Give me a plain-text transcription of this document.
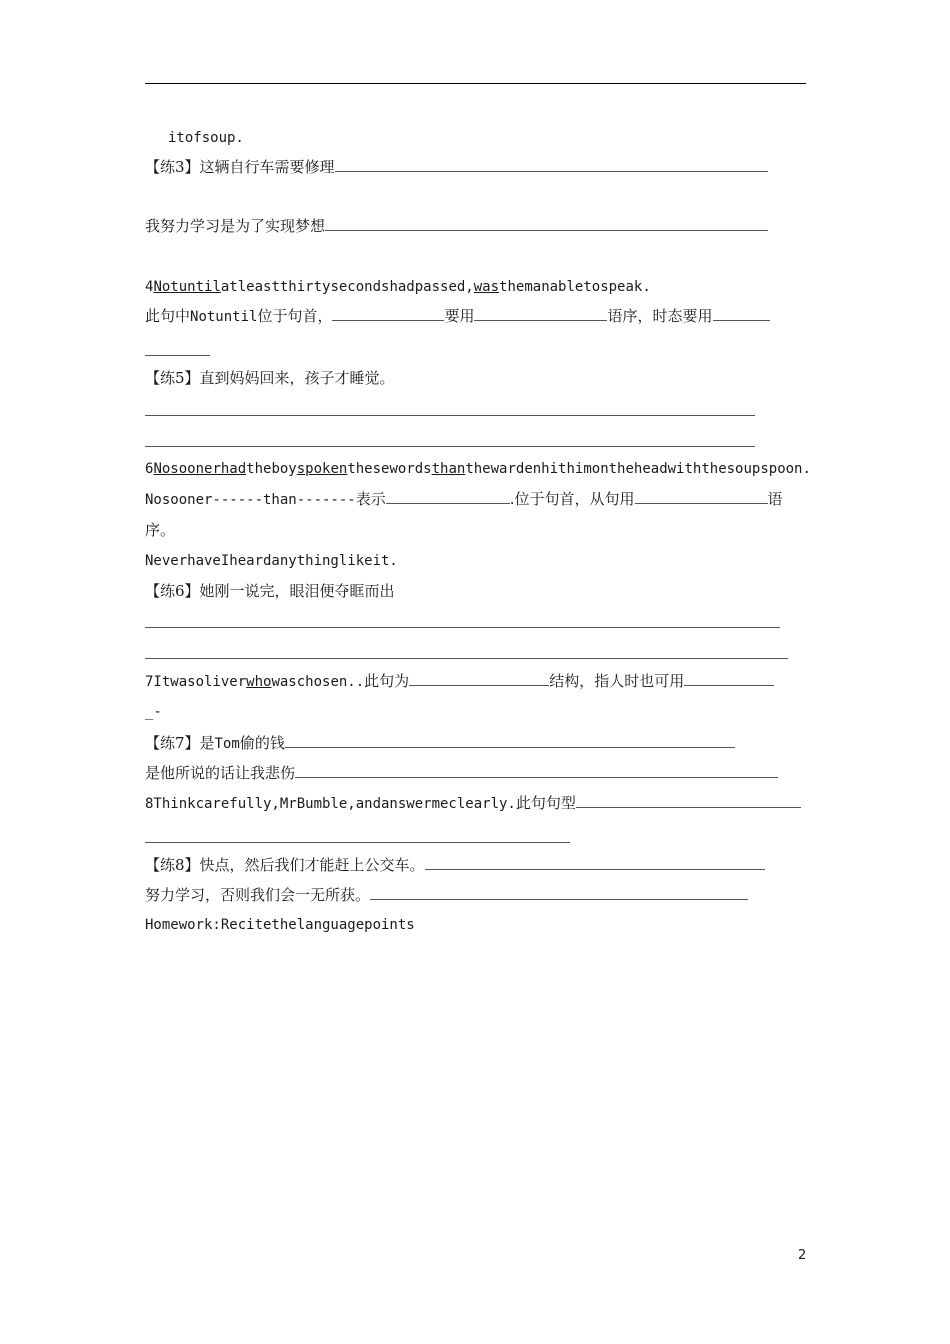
itofsoup.
【练3】这辆自行车需要修理
我努力学习是为了实现梦想
4Notuntilatleastthirtysecondshadpassed,wasthemanabletospeak.
此句中Notuntil位于句首，	要用	语序，时态要用
【练5】直到妈妈回来，孩子才睡觉。
6Nosoonerhadtheboyspokenthesewordsthanthewardenhithimontheheadwiththesoupspoon.
Nosooner------than-------表示	.位于句首，从句用	语
序。
NeverhaveIheardanythinglikeit.
【练6】她刚一说完，眼泪便夺眶而出
7Itwasoliverwhowaschosen..此句为	结构，指人时也可用
_-
【练7】是Tom偷的钱
是他所说的话让我悲伤
8Thinkcarefully,MrBumble,andanswermeclearly.此句句型
【练8】快点，然后我们才能赶上公交车。
努力学习，否则我们会一无所获。
Homework:Recitethelanguagepoints
2
